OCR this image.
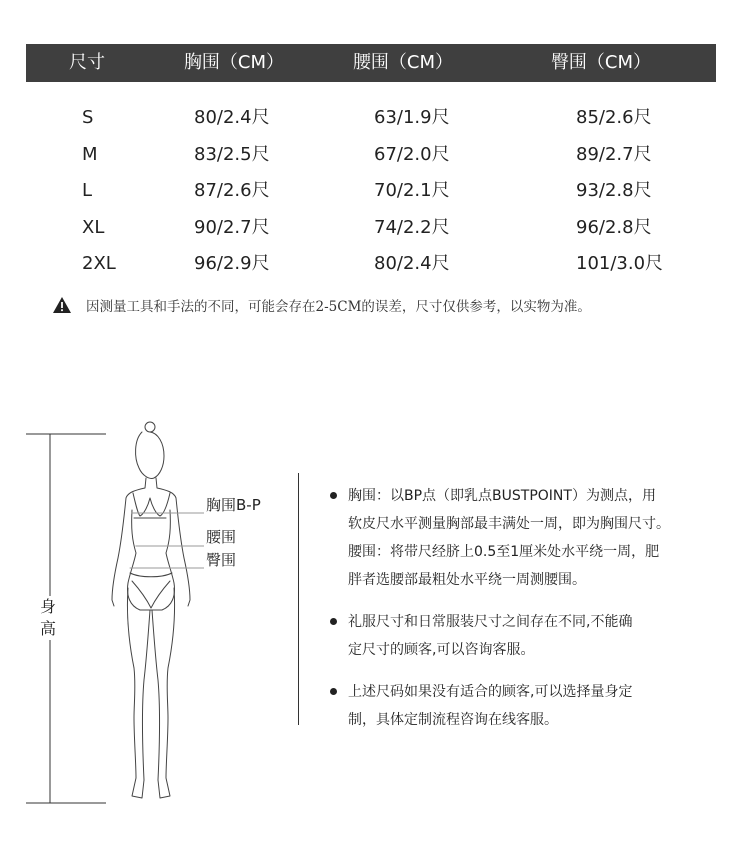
尺寸	胸围（CM）	腰围（CM）	臀围（CM）
S	80/2.4尺	63/1.9尺	85/2.6尺
M	83/2.5尺	67/2.0尺	89/2.7尺
L	87/2.6尺	70/2.1尺	93/2.8尺
XL	90/2.7尺	74/2.2尺	96/2.8尺
2XL	96/2.9尺	80/2.4尺	101/3.0尺
因测量工具和手法的不同，可能会存在2-5CM的误差，尺寸仅供参考，以实物为准。
身高
胸围B-P
腰围
臀围

胸围：以BP点（即乳点BUSTPOINT）为测点，用

软皮尺水平测量胸部最丰满处一周，即为胸围尺寸。

腰围：将带尺经脐上0.5至1厘米处水平绕一周，肥

胖者选腰部最粗处水平绕一周测腰围。

礼服尺寸和日常服装尺寸之间存在不同,不能确

定尺寸的顾客,可以咨询客服。

上述尺码如果没有适合的顾客,可以选择量身定

制，具体定制流程咨询在线客服。
